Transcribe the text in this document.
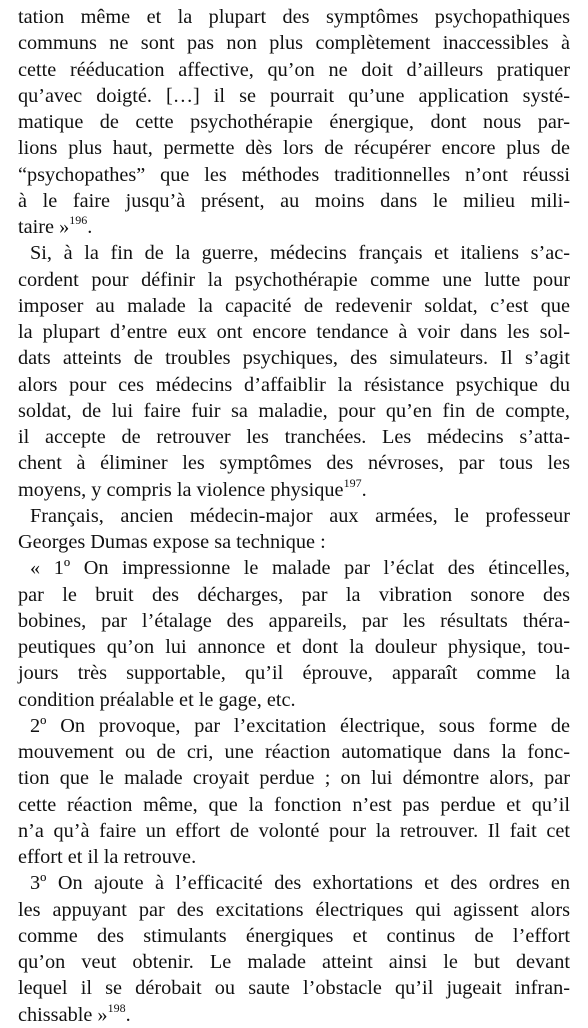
tation même et la plupart des symptômes psychopathiques
communs ne sont pas non plus complètement inaccessibles à
cette rééducation affective, qu’on ne doit d’ailleurs pratiquer
qu’avec doigté. […] il se pourrait qu’une application systé-
matique de cette psychothérapie énergique, dont nous par-
lions plus haut, permette dès lors de récupérer encore plus de
“psychopathes” que les méthodes traditionnelles n’ont réussi
à le faire jusqu’à présent, au moins dans le milieu mili-
taire »$^{196}$.
Si, à la fin de la guerre, médecins français et italiens s’ac-
cordent pour définir la psychothérapie comme une lutte pour
imposer au malade la capacité de redevenir soldat, c’est que
la plupart d’entre eux ont encore tendance à voir dans les sol-
dats atteints de troubles psychiques, des simulateurs. Il s’agit
alors pour ces médecins d’affaiblir la résistance psychique du
soldat, de lui faire fuir sa maladie, pour qu’en fin de compte,
il accepte de retrouver les tranchées. Les médecins s’atta-
chent à éliminer les symptômes des névroses, par tous les
moyens, y compris la violence physique$^{197}$.
Français, ancien médecin-major aux armées, le professeur
Georges Dumas expose sa technique :
« 1º On impressionne le malade par l’éclat des étincelles,
par le bruit des décharges, par la vibration sonore des
bobines, par l’étalage des appareils, par les résultats théra-
peutiques qu’on lui annonce et dont la douleur physique, tou-
jours très supportable, qu’il éprouve, apparaît comme la
condition préalable et le gage, etc.
2º On provoque, par l’excitation électrique, sous forme de
mouvement ou de cri, une réaction automatique dans la fonc-
tion que le malade croyait perdue ; on lui démontre alors, par
cette réaction même, que la fonction n’est pas perdue et qu’il
n’a qu’à faire un effort de volonté pour la retrouver. Il fait cet
effort et il la retrouve.
3º On ajoute à l’efficacité des exhortations et des ordres en
les appuyant par des excitations électriques qui agissent alors
comme des stimulants énergiques et continus de l’effort
qu’on veut obtenir. Le malade atteint ainsi le but devant
lequel il se dérobait ou saute l’obstacle qu’il jugeait infran-
chissable »$^{198}$.
